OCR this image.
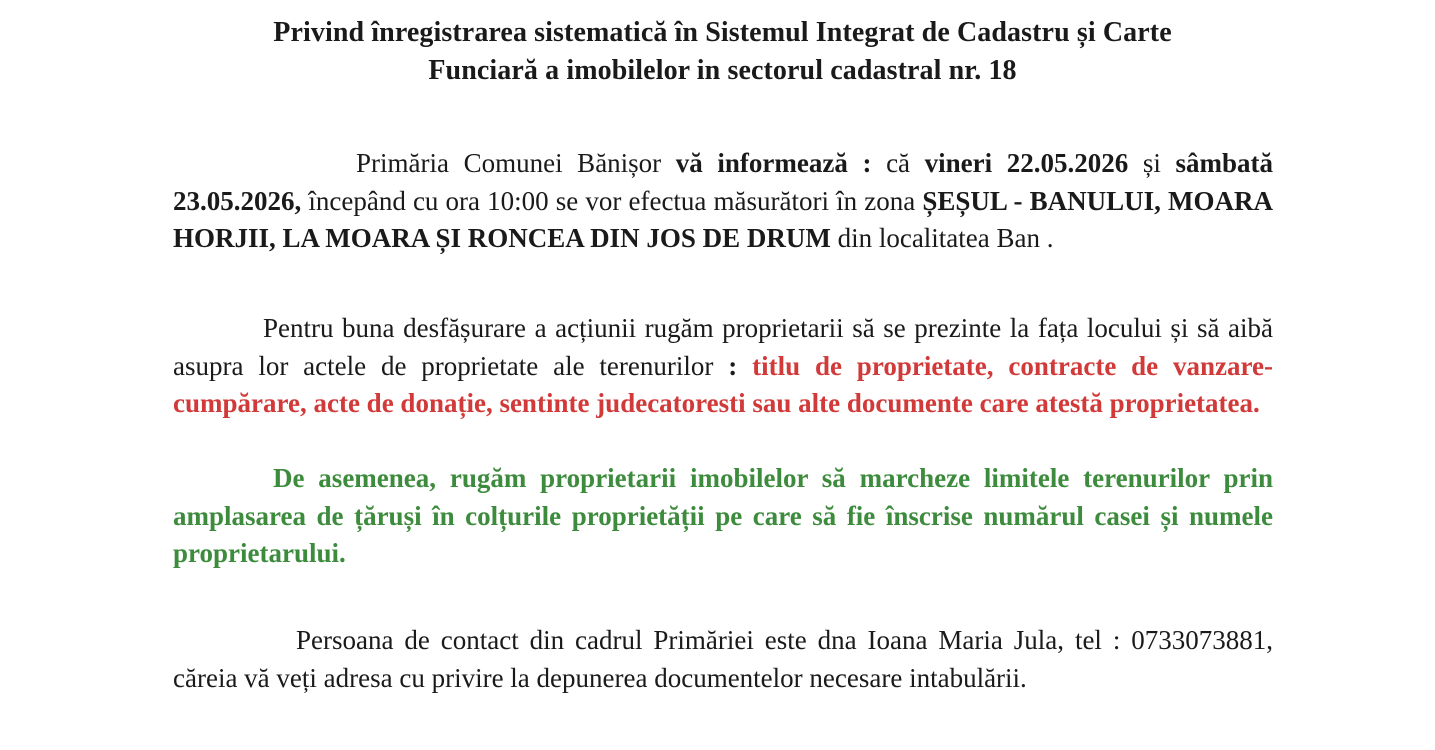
Privind înregistrarea sistematică în Sistemul Integrat de Cadastru și Carte
Funciară a imobilelor in sectorul cadastral nr. 18
Primăria Comunei Bănișor vă informează : că vineri 22.05.2026 și sâmbată 23.05.2026, începând cu ora 10:00 se vor efectua măsurători în zona ȘEȘUL - BANULUI, MOARA HORJII, LA MOARA ȘI RONCEA DIN JOS DE DRUM din localitatea Ban .
Pentru buna desfășurare a acțiunii rugăm proprietarii să se prezinte la fața locului și să aibă asupra lor actele de proprietate ale terenurilor : titlu de proprietate, contracte de vanzare-cumpărare, acte de donație, sentinte judecatoresti sau alte documente care atestă proprietatea.
De asemenea, rugăm proprietarii imobilelor să marcheze limitele terenurilor prin amplasarea de țăruși în colțurile proprietății pe care să fie înscrise numărul casei și numele proprietarului.
Persoana de contact din cadrul Primăriei este dna Ioana Maria Jula, tel : 0733073881, căreia vă veți adresa cu privire la depunerea documentelor necesare intabulării.
